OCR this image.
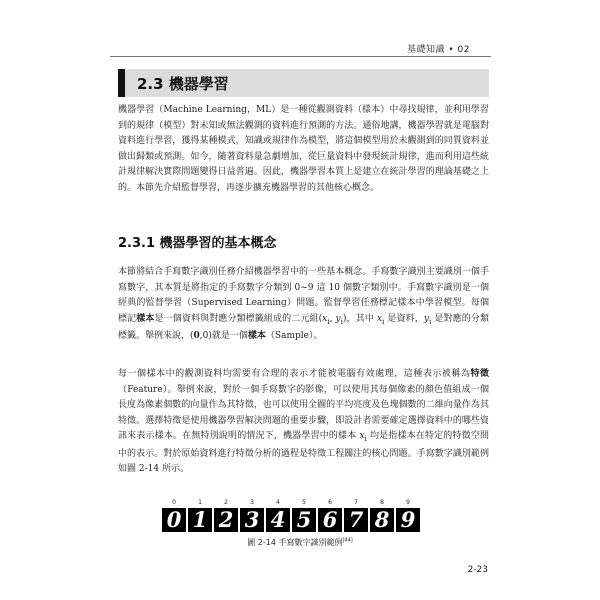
基礎知識 • 02
2.3 機器學習
機器學習（Machine Learning，ML）是一種從觀測資料（樣本）中尋找規律，並利用學習到的規律（模型）對未知或無法觀測的資料進行預測的方法。通俗地講，機器學習就是電腦對資料進行學習，獲得某種模式，知識或規律作為模型，將這個模型用於未觀測到的同質資料並做出歸類或預測。如今，隨著資料量急劇增加，從巨量資料中發現統計規律，進而利用這些統計規律解決實際問題變得日益普遍。因此，機器學習本質上是建立在統計學習的理論基礎之上的。本節先介紹監督學習，再逐步擴充機器學習的其他核心概念。
2.3.1 機器學習的基本概念
本節將結合手寫數字識別任務介紹機器學習中的一些基本概念。手寫數字識別主要識別一個手寫數字，其本質是將指定的手寫數字分類到 0~9 這 10 個數字類別中。手寫數字識別是一個經典的監督學習（Supervised Learning）問題。監督學習任務標記樣本中學習模型。每個標記樣本是一個資料與對應分類標籤組成的二元組($x_i$, $y_i$)，其中 $x_i$ 是資料，$y_i$ 是對應的分類標籤。舉例來說，(0,0)就是一個樣本（Sample）。
每一個樣本中的觀測資料均需要有合理的表示才能被電腦有效處理，這種表示被稱為特徵（Feature）。舉例來說，對於一個手寫數字的影像，可以使用其每個像素的顏色值組成一個長度為像素個數的向量作為其特徵，也可以使用全圖的平均亮度及色塊個數的二維向量作為其特徵。選擇特徵是使用機器學習解決問題的重要步驟，即設計者需要確定選擇資料中的哪些資訊來表示樣本。在無特別說明的情況下，機器學習中的樣本 $x_i$ 均是指樣本在特定的特徵空間中的表示。對於原始資料進行特徵分析的過程是特徵工程關注的核心問題。手寫數字識別範例如圖 2-14 所示。
0
0
1
1
2
2
3
3
4
4
5
5
6
6
7
7
8
8
9
9
圖 2-14 手寫數字識別範例[44]
2-23
